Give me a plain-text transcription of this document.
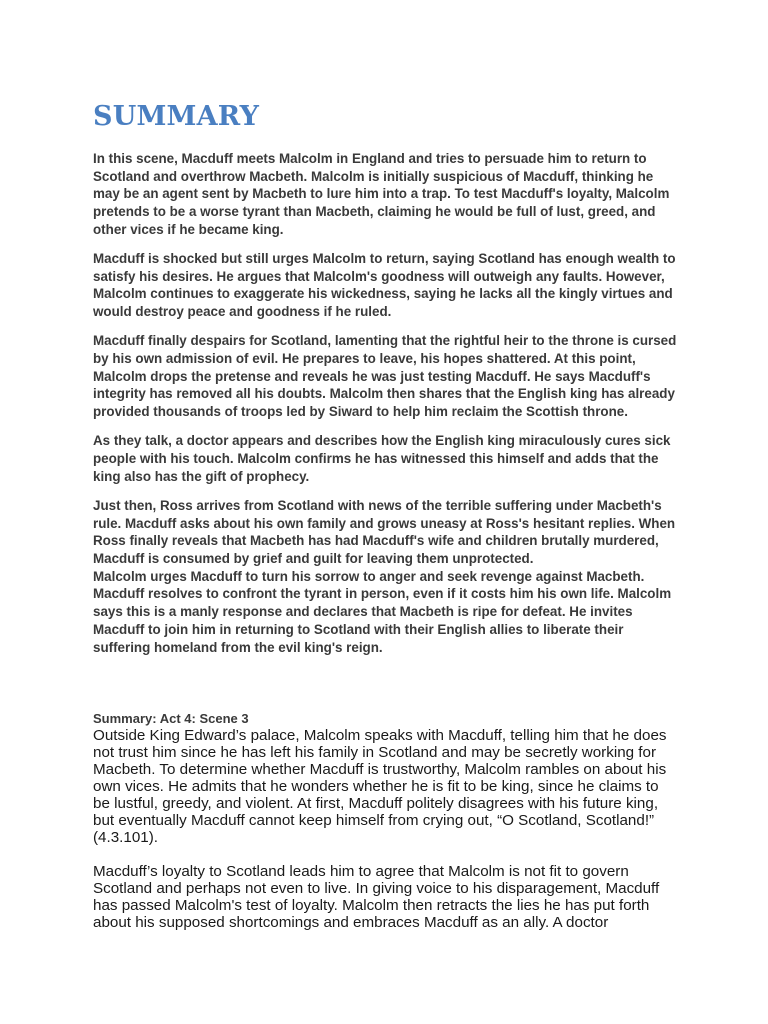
SUMMARY

In this scene, Macduff meets Malcolm in England and tries to persuade him to return to Scotland and overthrow Macbeth. Malcolm is initially suspicious of Macduff, thinking he may be an agent sent by Macbeth to lure him into a trap. To test Macduff's loyalty, Malcolm pretends to be a worse tyrant than Macbeth, claiming he would be full of lust, greed, and other vices if he became king.

Macduff is shocked but still urges Malcolm to return, saying Scotland has enough wealth to satisfy his desires. He argues that Malcolm's goodness will outweigh any faults. However, Malcolm continues to exaggerate his wickedness, saying he lacks all the kingly virtues and would destroy peace and goodness if he ruled.

Macduff finally despairs for Scotland, lamenting that the rightful heir to the throne is cursed by his own admission of evil. He prepares to leave, his hopes shattered. At this point, Malcolm drops the pretense and reveals he was just testing Macduff. He says Macduff's integrity has removed all his doubts. Malcolm then shares that the English king has already provided thousands of troops led by Siward to help him reclaim the Scottish throne.

As they talk, a doctor appears and describes how the English king miraculously cures sick people with his touch. Malcolm confirms he has witnessed this himself and adds that the king also has the gift of prophecy.

Just then, Ross arrives from Scotland with news of the terrible suffering under Macbeth's rule. Macduff asks about his own family and grows uneasy at Ross's hesitant replies. When Ross finally reveals that Macbeth has had Macduff's wife and children brutally murdered, Macduff is consumed by grief and guilt for leaving them unprotected.

Malcolm urges Macduff to turn his sorrow to anger and seek revenge against Macbeth. Macduff resolves to confront the tyrant in person, even if it costs him his own life. Malcolm says this is a manly response and declares that Macbeth is ripe for defeat. He invites Macduff to join him in returning to Scotland with their English allies to liberate their suffering homeland from the evil king's reign.

Summary: Act 4: Scene 3

Outside King Edward’s palace, Malcolm speaks with Macduff, telling him that he does not trust him since he has left his family in Scotland and may be secretly working for Macbeth. To determine whether Macduff is trustworthy, Malcolm rambles on about his own vices. He admits that he wonders whether he is fit to be king, since he claims to be lustful, greedy, and violent. At first, Macduff politely disagrees with his future king, but eventually Macduff cannot keep himself from crying out, “O Scotland, Scotland!” (4.3.101).

Macduff’s loyalty to Scotland leads him to agree that Malcolm is not fit to govern Scotland and perhaps not even to live. In giving voice to his disparagement, Macduff has passed Malcolm's test of loyalty. Malcolm then retracts the lies he has put forth about his supposed shortcomings and embraces Macduff as an ally. A doctor
